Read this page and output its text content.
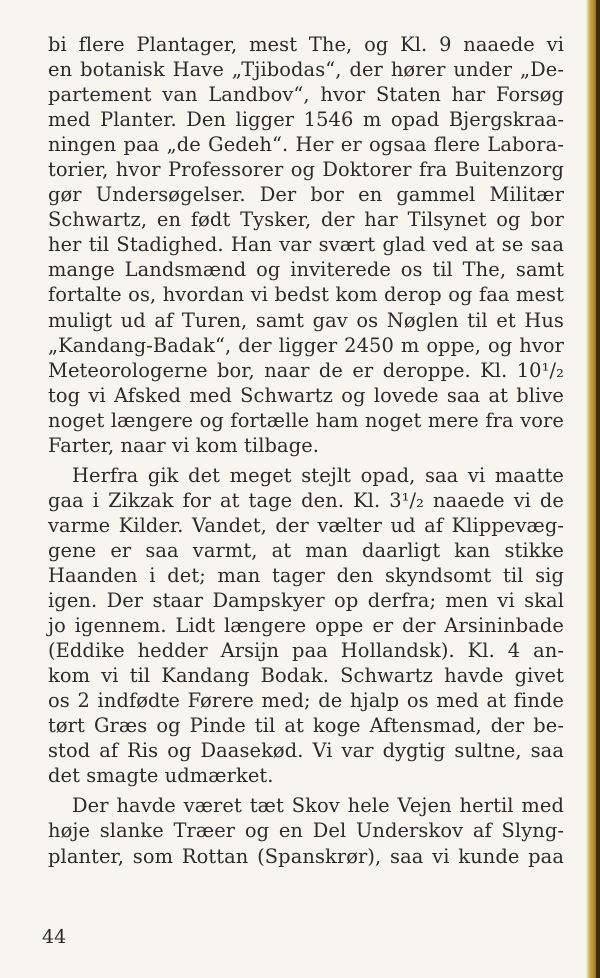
bi flere Plantager, mest The, og Kl. 9 naaede vi
en botanisk Have „Tjibodas“, der hører under „De-
partement van Landbov“, hvor Staten har Forsøg
med Planter. Den ligger 1546 m opad Bjergskraa-
ningen paa „de Gedeh“. Her er ogsaa flere Labora-
torier, hvor Professorer og Doktorer fra Buitenzorg
gør Undersøgelser. Der bor en gammel Militær
Schwartz, en født Tysker, der har Tilsynet og bor
her til Stadighed. Han var svært glad ved at se saa
mange Landsmænd og inviterede os til The, samt
fortalte os, hvordan vi bedst kom derop og faa mest
muligt ud af Turen, samt gav os Nøglen til et Hus
„Kandang-Badak“, der ligger 2450 m oppe, og hvor
Meteorologerne bor, naar de er deroppe. Kl. 10¹/₂
tog vi Afsked med Schwartz og lovede saa at blive
noget længere og fortælle ham noget mere fra vore
Farter, naar vi kom tilbage.
Herfra gik det meget stejlt opad, saa vi maatte
gaa i Zikzak for at tage den. Kl. 3¹/₂ naaede vi de
varme Kilder. Vandet, der vælter ud af Klippevæg-
gene er saa varmt, at man daarligt kan stikke
Haanden i det; man tager den skyndsomt til sig
igen. Der staar Dampskyer op derfra; men vi skal
jo igennem. Lidt længere oppe er der Arsininbade
(Eddike hedder Arsijn paa Hollandsk). Kl. 4 an-
kom vi til Kandang Bodak. Schwartz havde givet
os 2 indfødte Førere med; de hjalp os med at finde
tørt Græs og Pinde til at koge Aftensmad, der be-
stod af Ris og Daasekød. Vi var dygtig sultne, saa
det smagte udmærket.
Der havde været tæt Skov hele Vejen hertil med
høje slanke Træer og en Del Underskov af Slyng-
planter, som Rottan (Spanskrør), saa vi kunde paa
44
